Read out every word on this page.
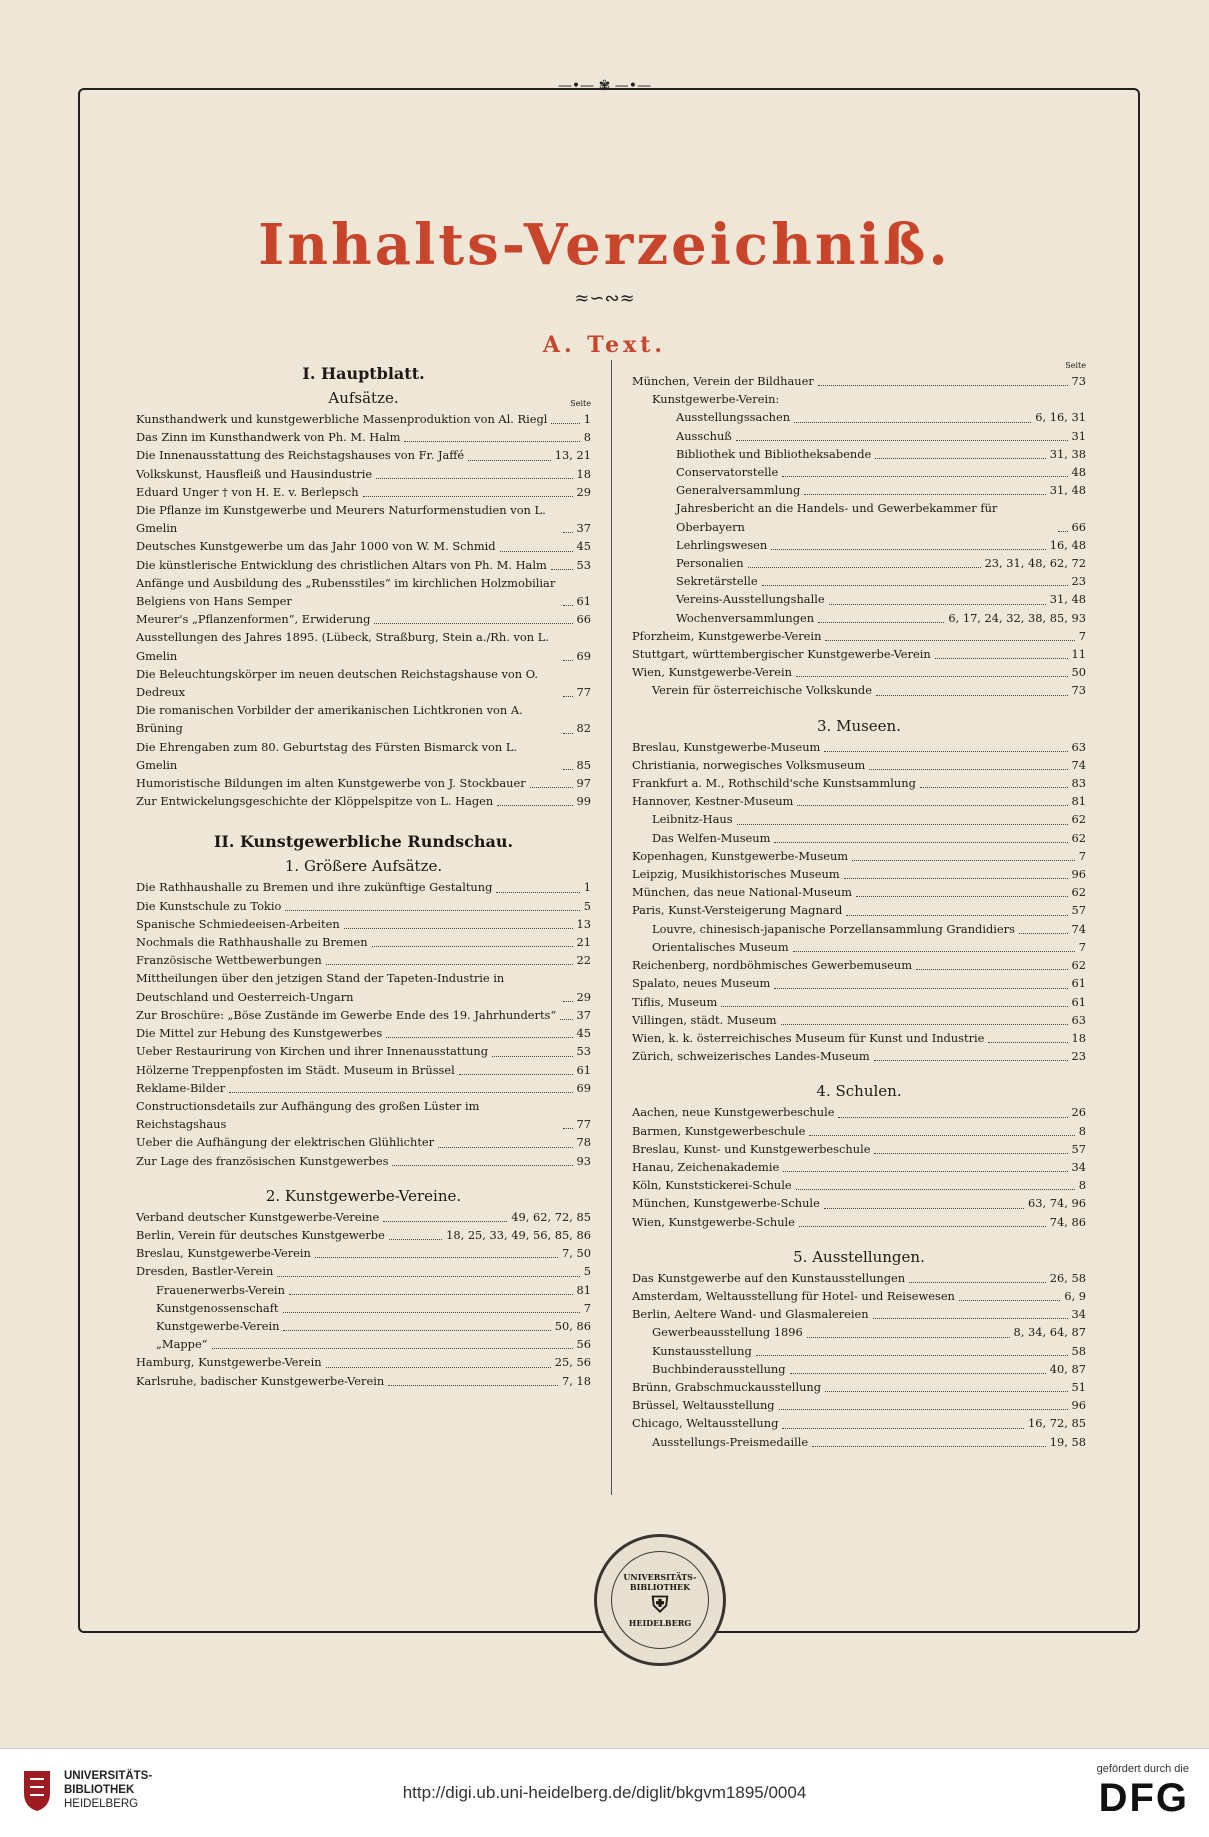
—•— ✾ —•—
Inhalts-Verzeichniß.
≈∽∾≈
A. Text.
I. Hauptblatt.
Aufsätze.	Seite
Kunsthandwerk und kunstgewerbliche Massenproduktion von Al. Riegl	1
Das Zinn im Kunsthandwerk von Ph. M. Halm	8
Die Innenausstattung des Reichstagshauses von Fr. Jaffé	13, 21
Volkskunst, Hausfleiß und Hausindustrie	18
Eduard Unger † von H. E. v. Berlepsch	29
Die Pflanze im Kunstgewerbe und Meurers Naturformenstudien von L. Gmelin	37
Deutsches Kunstgewerbe um das Jahr 1000 von W. M. Schmid	45
Die künstlerische Entwicklung des christlichen Altars von Ph. M. Halm	53
Anfänge und Ausbildung des „Rubensstiles“ im kirchlichen Holzmobiliar Belgiens von Hans Semper	61
Meurer's „Pflanzenformen“, Erwiderung	66
Ausstellungen des Jahres 1895. (Lübeck, Straßburg, Stein a./Rh. von L. Gmelin	69
Die Beleuchtungskörper im neuen deutschen Reichstagshause von O. Dedreux	77
Die romanischen Vorbilder der amerikanischen Lichtkronen von A. Brüning	82
Die Ehrengaben zum 80. Geburtstag des Fürsten Bismarck von L. Gmelin	85
Humoristische Bildungen im alten Kunstgewerbe von J. Stockbauer	97
Zur Entwickelungsgeschichte der Klöppelspitze von L. Hagen	99
II. Kunstgewerbliche Rundschau.
1. Größere Aufsätze.
Die Rathhaushalle zu Bremen und ihre zukünftige Gestaltung	1
Die Kunstschule zu Tokio	5
Spanische Schmiedeeisen-Arbeiten	13
Nochmals die Rathhaushalle zu Bremen	21
Französische Wettbewerbungen	22
Mittheilungen über den jetzigen Stand der Tapeten-Industrie in Deutschland und Oesterreich-Ungarn	29
Zur Broschüre: „Böse Zustände im Gewerbe Ende des 19. Jahrhunderts“ 37
Die Mittel zur Hebung des Kunstgewerbes	45
Ueber Restaurirung von Kirchen und ihrer Innenausstattung	53
Hölzerne Treppenpfosten im Städt. Museum in Brüssel	61
Reklame-Bilder	69
Constructionsdetails zur Aufhängung des großen Lüster im Reichstagshaus	77
Ueber die Aufhängung der elektrischen Glühlichter	78
Zur Lage des französischen Kunstgewerbes	93
2. Kunstgewerbe-Vereine.
Verband deutscher Kunstgewerbe-Vereine	49, 62, 72, 85
Berlin, Verein für deutsches Kunstgewerbe	18, 25, 33, 49, 56, 85, 86
Breslau, Kunstgewerbe-Verein	7, 50
Dresden, Bastler-Verein	5
Frauenerwerbs-Verein	81
Kunstgenossenschaft	7
Kunstgewerbe-Verein	50, 86
„Mappe“	56
Hamburg, Kunstgewerbe-Verein	25, 56
Karlsruhe, badischer Kunstgewerbe-Verein	7, 18
Seite
München, Verein der Bildhauer	73
Kunstgewerbe-Verein:
Ausstellungssachen	6, 16, 31
Ausschuß	31
Bibliothek und Bibliotheksabende	31, 38
Conservatorstelle	48
Generalversammlung	31, 48
Jahresbericht an die Handels- und Gewerbekammer für Oberbayern	66
Lehrlingswesen	16, 48
Personalien	23, 31, 48, 62, 72
Sekretärstelle	23
Vereins-Ausstellungshalle	31, 48
Wochenversammlungen	6, 17, 24, 32, 38, 85, 93
Pforzheim, Kunstgewerbe-Verein	7
Stuttgart, württembergischer Kunstgewerbe-Verein	11
Wien, Kunstgewerbe-Verein	50
Verein für österreichische Volkskunde	73
3. Museen.
Breslau, Kunstgewerbe-Museum	63
Christiania, norwegisches Volksmuseum	74
Frankfurt a. M., Rothschild'sche Kunstsammlung	83
Hannover, Kestner-Museum	81
Leibnitz-Haus	62
Das Welfen-Museum	62
Kopenhagen, Kunstgewerbe-Museum	7
Leipzig, Musikhistorisches Museum	96
München, das neue National-Museum	62
Paris, Kunst-Versteigerung Magnard	57
Louvre, chinesisch-japanische Porzellansammlung Grandidiers	74
Orientalisches Museum	7
Reichenberg, nordböhmisches Gewerbemuseum	62
Spalato, neues Museum	61
Tiflis, Museum	61
Villingen, städt. Museum	63
Wien, k. k. österreichisches Museum für Kunst und Industrie	18
Zürich, schweizerisches Landes-Museum	23
4. Schulen.
Aachen, neue Kunstgewerbeschule	26
Barmen, Kunstgewerbeschule	8
Breslau, Kunst- und Kunstgewerbeschule	57
Hanau, Zeichenakademie	34
Köln, Kunststickerei-Schule	8
München, Kunstgewerbe-Schule	63, 74, 96
Wien, Kunstgewerbe-Schule	74, 86
5. Ausstellungen.
Das Kunstgewerbe auf den Kunstausstellungen	26, 58
Amsterdam, Weltausstellung für Hotel- und Reisewesen	6, 9
Berlin, Aeltere Wand- und Glasmalereien	34
Gewerbeausstellung 1896	8, 34, 64, 87
Kunstausstellung	58
Buchbinderausstellung	40, 87
Brünn, Grabschmuckausstellung	51
Brüssel, Weltausstellung	96
Chicago, Weltausstellung	16, 72, 85
Ausstellungs-Preismedaille	19, 58
UNIVERSITÄTS-BIBLIOTHEK
⛨
HEIDELBERG
UNIVERSITÄTS-
BIBLIOTHEK
HEIDELBERG
http://digi.ub.uni-heidelberg.de/diglit/bkgvm1895/0004
gefördert durch die
DFG
